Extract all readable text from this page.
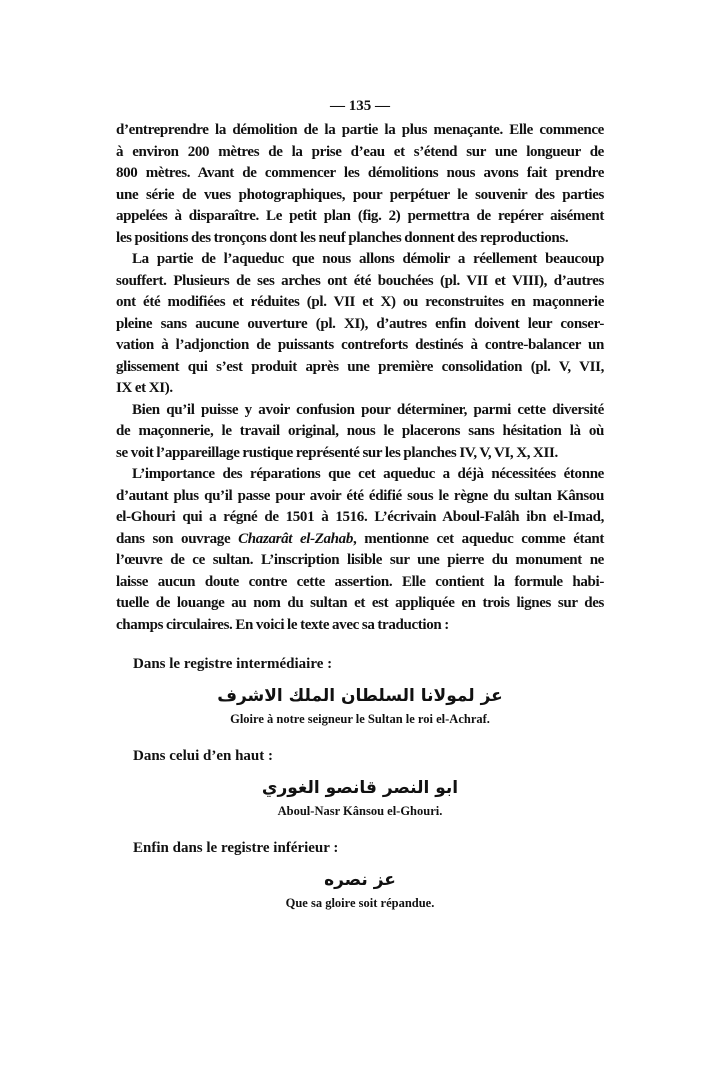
— 135 —
d’entreprendre la démolition de la partie la plus menaçante. Elle commence
à environ 200 mètres de la prise d’eau et s’étend sur une longueur de
800 mètres. Avant de commencer les démolitions nous avons fait prendre
une série de vues photographiques, pour perpétuer le souvenir des parties
appelées à disparaître. Le petit plan (fig. 2) permettra de repérer aisément
les positions des tronçons dont les neuf planches donnent des reproductions.
La partie de l’aqueduc que nous allons démolir a réellement beaucoup
souffert. Plusieurs de ses arches ont été bouchées (pl. VII et VIII), d’autres
ont été modifiées et réduites (pl. VII et X) ou reconstruites en maçonnerie
pleine sans aucune ouverture (pl. XI), d’autres enfin doivent leur conser-
vation à l’adjonction de puissants contreforts destinés à contre-balancer un
glissement qui s’est produit après une première consolidation (pl. V, VII,
IX et XI).
Bien qu’il puisse y avoir confusion pour déterminer, parmi cette diversité
de maçonnerie, le travail original, nous le placerons sans hésitation là où
se voit l’appareillage rustique représenté sur les planches IV, V, VI, X, XII.
L’importance des réparations que cet aqueduc a déjà nécessitées étonne
d’autant plus qu’il passe pour avoir été édifié sous le règne du sultan Kânsou
el-Ghouri qui a régné de 1501 à 1516. L’écrivain Aboul-Falâh ibn el-Imad,
dans son ouvrage Chazarât el-Zahab, mentionne cet aqueduc comme étant
l’œuvre de ce sultan. L’inscription lisible sur une pierre du monument ne
laisse aucun doute contre cette assertion. Elle contient la formule habi-
tuelle de louange au nom du sultan et est appliquée en trois lignes sur des
champs circulaires. En voici le texte avec sa traduction :
Dans le registre intermédiaire :
عز لمولانا السلطان الملك الاشرف
Gloire à notre seigneur le Sultan le roi el-Achraf.
Dans celui d’en haut :
ابو النصر قانصو الغوري
Aboul-Nasr Kânsou el-Ghouri.
Enfin dans le registre inférieur :
عز نصره
Que sa gloire soit répandue.
